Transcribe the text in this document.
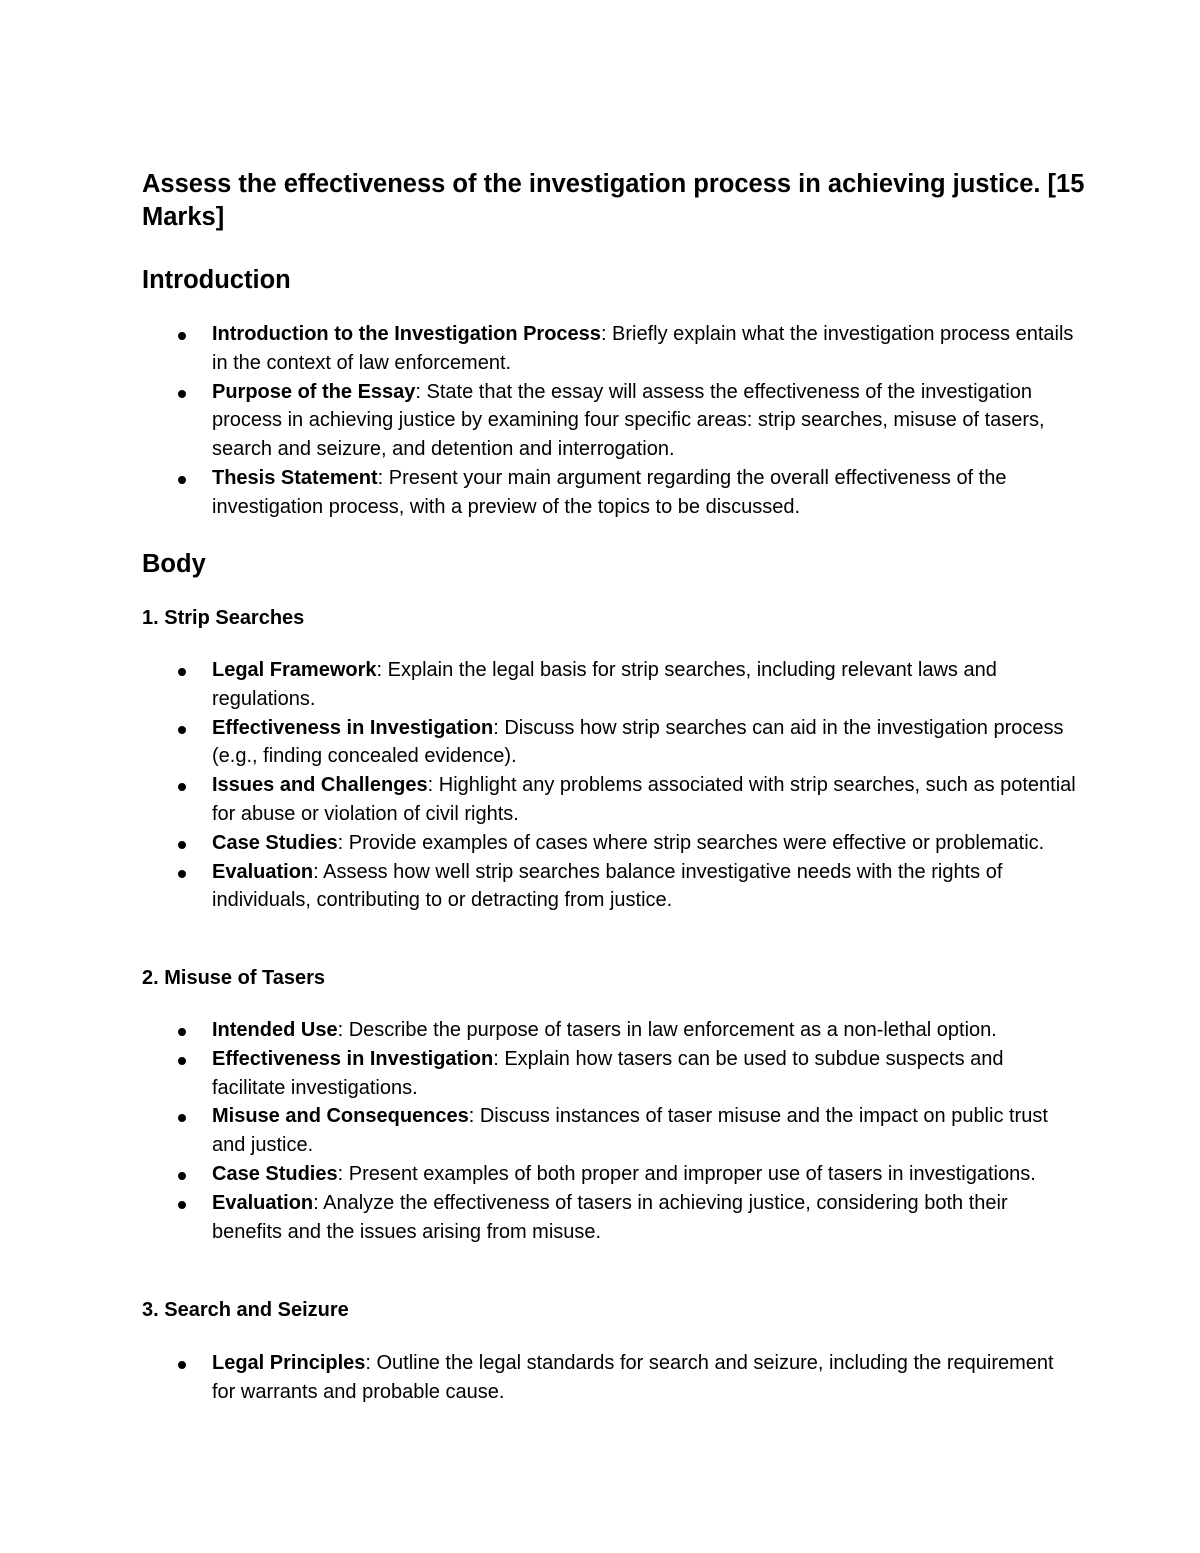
Assess the effectiveness of the investigation process in achieving justice. [15 Marks]
Introduction
Introduction to the Investigation Process: Briefly explain what the investigation process entails in the context of law enforcement.
Purpose of the Essay: State that the essay will assess the effectiveness of the investigation process in achieving justice by examining four specific areas: strip searches, misuse of tasers, search and seizure, and detention and interrogation.
Thesis Statement: Present your main argument regarding the overall effectiveness of the investigation process, with a preview of the topics to be discussed.
Body
1. Strip Searches
Legal Framework: Explain the legal basis for strip searches, including relevant laws and regulations.
Effectiveness in Investigation: Discuss how strip searches can aid in the investigation process (e.g., finding concealed evidence).
Issues and Challenges: Highlight any problems associated with strip searches, such as potential for abuse or violation of civil rights.
Case Studies: Provide examples of cases where strip searches were effective or problematic.
Evaluation: Assess how well strip searches balance investigative needs with the rights of individuals, contributing to or detracting from justice.
2. Misuse of Tasers
Intended Use: Describe the purpose of tasers in law enforcement as a non-lethal option.
Effectiveness in Investigation: Explain how tasers can be used to subdue suspects and facilitate investigations.
Misuse and Consequences: Discuss instances of taser misuse and the impact on public trust and justice.
Case Studies: Present examples of both proper and improper use of tasers in investigations.
Evaluation: Analyze the effectiveness of tasers in achieving justice, considering both their benefits and the issues arising from misuse.
3. Search and Seizure
Legal Principles: Outline the legal standards for search and seizure, including the requirement for warrants and probable cause.
